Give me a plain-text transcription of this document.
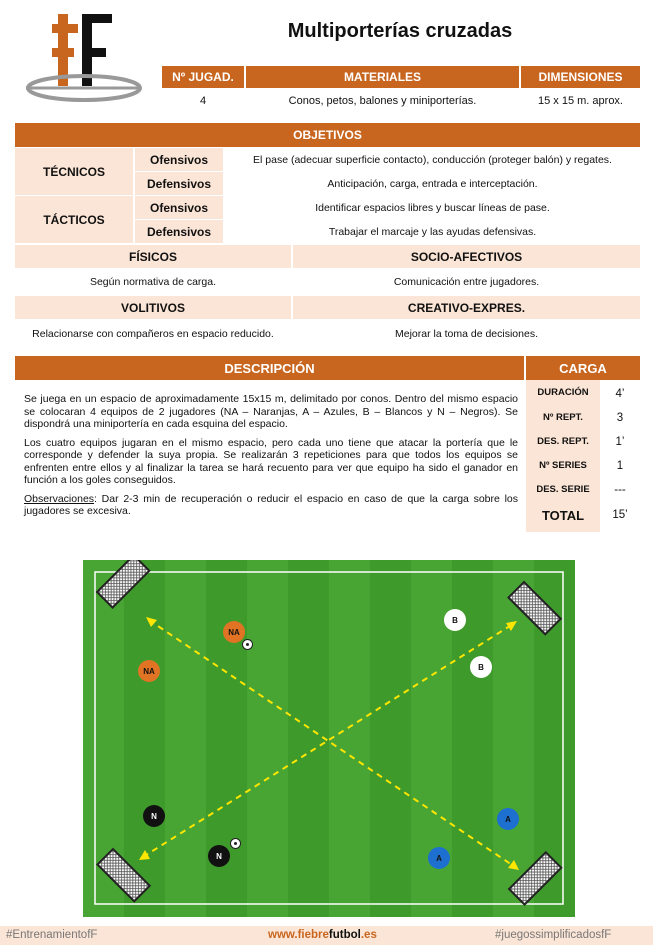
Multiporterías cruzadas
Nº JUGAD.	MATERIALES	DIMENSIONES
4	Conos, petos, balones y miniporterías.	15 x 15 m. aprox.
OBJETIVOS
TÉCNICOS
Ofensivos	El pase (adecuar superficie contacto), conducción (proteger balón) y regates.
Defensivos	Anticipación, carga, entrada e interceptación.
TÁCTICOS
Ofensivos	Identificar espacios libres y buscar líneas de pase.
Defensivos	Trabajar el marcaje y las ayudas defensivas.
FÍSICOS	SOCIO-AFECTIVOS
Según normativa de carga.	Comunicación entre jugadores.
VOLITIVOS	CREATIVO-EXPRES.
Relacionarse con compañeros en espacio reducido.	Mejorar la toma de decisiones.
DESCRIPCIÓN

Se juega en un espacio de aproximadamente 15x15 m, delimitado por conos. Dentro del mismo espacio se colocaran 4 equipos de 2 jugadores (NA – Naranjas, A – Azules, B – Blancos y N – Negros). Se dispondrá una miniportería en cada esquina del espacio.

Los cuatro equipos jugaran en el mismo espacio, pero cada uno tiene que atacar la portería que le corresponde y defender la suya propia. Se realizarán 3 repeticiones para que todos los equipos se enfrenten entre ellos y al finalizar la tarea se hará recuento para ver que equipo ha sido el ganador en función a los goles conseguidos.

Observaciones: Dar 2-3 min de recuperación o reducir el espacio en caso de que la carga sobre los jugadores se excesiva.

CARGA
DURACIÓN	4’
Nº REPT.	3
DES. REPT.	1’
Nº SERIES	1
DES. SERIE	---
TOTAL	15’
NA
NA
B
B
N
N
A
A
#EntrenamientofF	www.fiebrefutbol.es	#juegossimplificadosfF
